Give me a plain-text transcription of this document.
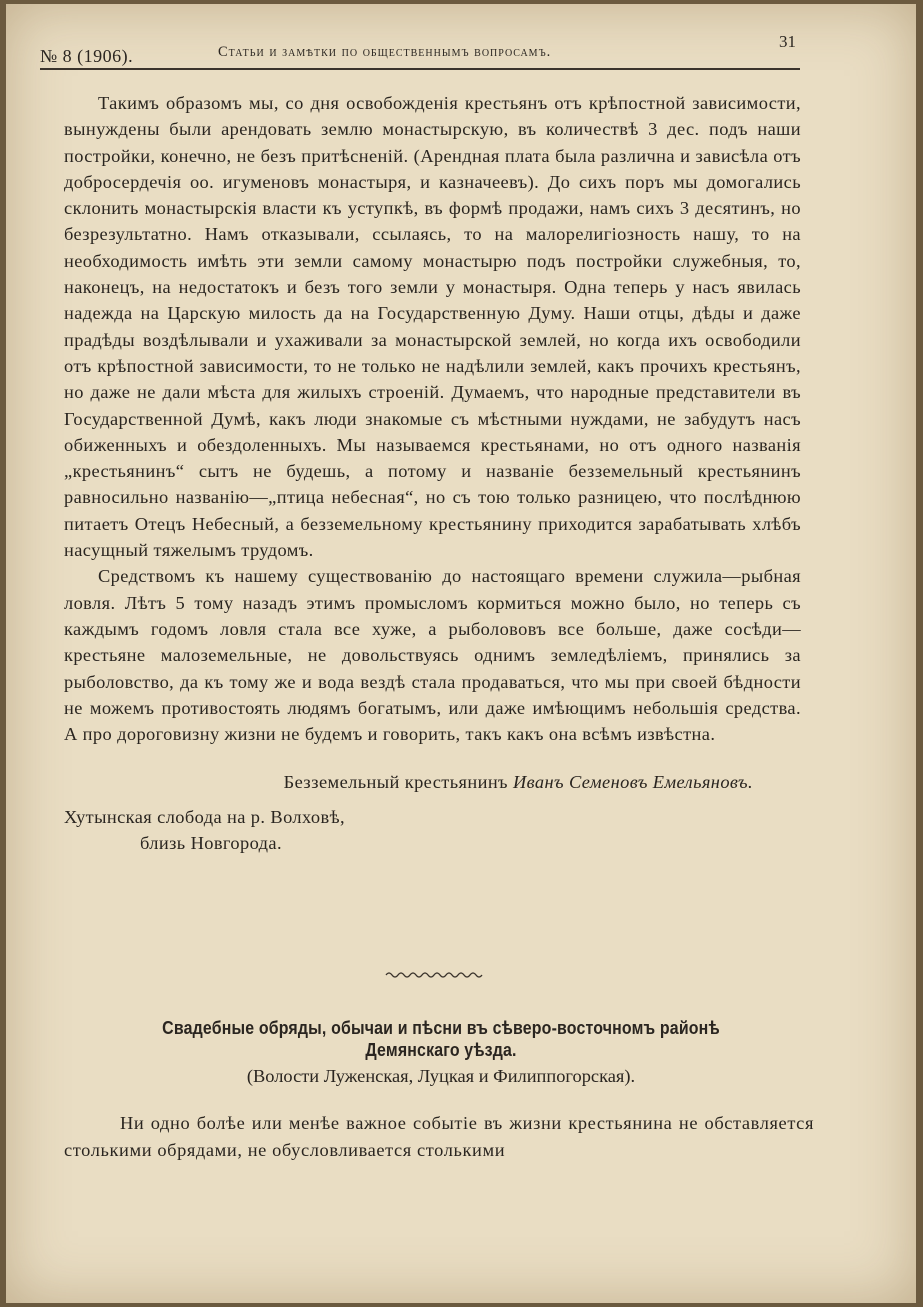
№ 8 (1906).	Статьи и замѣтки по общественнымъ вопросамъ.
31

Такимъ образомъ мы, со дня освобожденія крестьянъ отъ крѣпостной зависимости, вынуждены были арендовать землю монастырскую, въ количествѣ 3 дес. подъ наши постройки, конечно, не безъ притѣсненій. (Арендная плата была различна и зависѣла отъ добросердечія оо. игуменовъ монастыря, и казначеевъ). До сихъ поръ мы домогались склонить монастырскія власти къ уступкѣ, въ формѣ продажи, намъ сихъ 3 десятинъ, но безрезультатно. Намъ отказывали, ссылаясь, то на малорелигіозность нашу, то на необходимость имѣть эти земли самому монастырю подъ постройки служебныя, то, наконецъ, на недостатокъ и безъ того земли у монастыря. Одна теперь у насъ явилась надежда на Царскую милость да на Государственную Думу. Наши отцы, дѣды и даже прадѣды воздѣлывали и ухаживали за монастырской землей, но когда ихъ освободили отъ крѣпостной зависимости, то не только не надѣлили землей, какъ прочихъ крестьянъ, но даже не дали мѣста для жилыхъ строеній. Думаемъ, что народные представители въ Государственной Думѣ, какъ люди знакомые съ мѣстными нуждами, не забудутъ насъ обиженныхъ и обездоленныхъ. Мы называемся крестьянами, но отъ одного названія „крестьянинъ“ сытъ не будешь, а потому и названіе безземельный крестьянинъ равносильно названію—„птица небесная“, но съ тою только разницею, что послѣднюю питаетъ Отецъ Небесный, а безземельному крестьянину приходится зарабатывать хлѣбъ насущный тяжелымъ трудомъ.

Средствомъ къ нашему существованію до настоящаго времени служила—рыбная ловля. Лѣтъ 5 тому назадъ этимъ промысломъ кормиться можно было, но теперь съ каждымъ годомъ ловля стала все хуже, а рыболововъ все больше, даже сосѣди—крестьяне малоземельные, не довольствуясь однимъ земледѣліемъ, принялись за рыболовство, да къ тому же и вода вездѣ стала продаваться, что мы при своей бѣдности не можемъ противостоять людямъ богатымъ, или даже имѣющимъ небольшія средства. А про дороговизну жизни не будемъ и говорить, такъ какъ она всѣмъ извѣстна.

Безземельный крестьянинъ Иванъ Семеновъ Емельяновъ.

Хутынская слобода на р. Волховѣ,
близь Новгорода.

Свадебные обряды, обычаи и пѣсни въ сѣверо-восточномъ районѣ Демянскаго уѣзда.
(Волости Луженская, Луцкая и Филиппогорская).

Ни одно болѣе или менѣе важное событіе въ жизни крестьянина не обставляется столькими обрядами, не обусловливается столькими
